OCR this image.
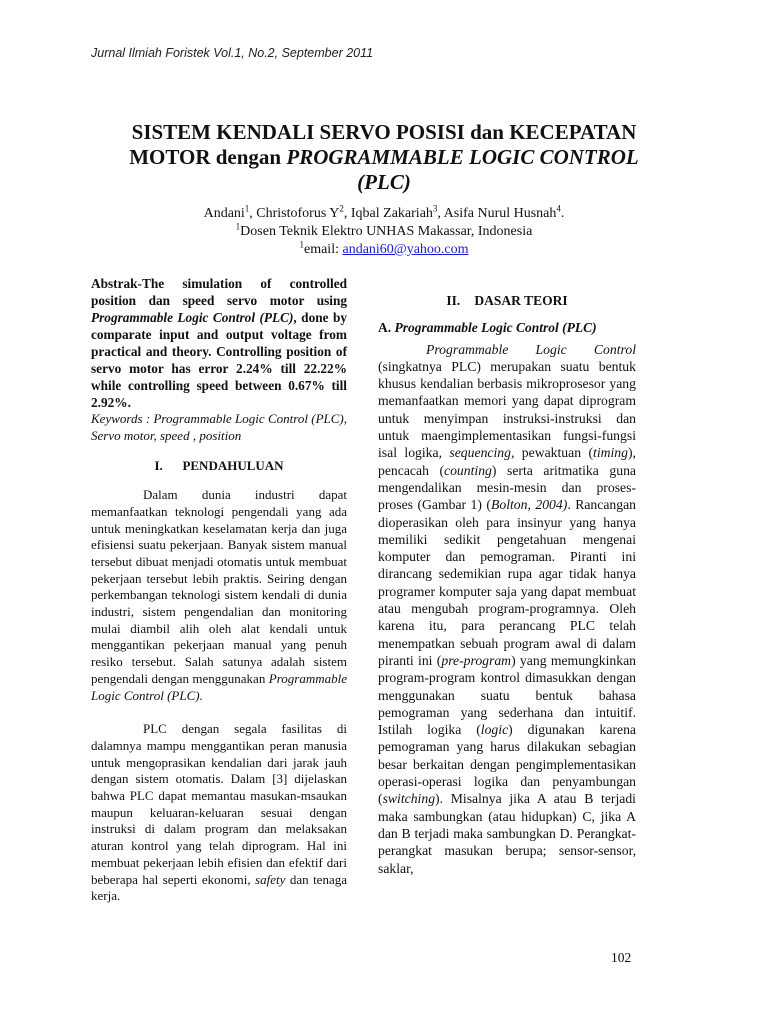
Jurnal Ilmiah Foristek Vol.1, No.2, September 2011
SISTEM KENDALI SERVO POSISI dan KECEPATAN
MOTOR dengan PROGRAMMABLE LOGIC CONTROL
(PLC)
Andani$^1$, Christoforus $Y^2$, Iqbal Zakariah$^3$, Asifa Nurul Husnah$^4$.
$^1$Dosen Teknik Elektro UNHAS Makassar, Indonesia
$^1$email: andani60@yahoo.com
Abstrak-The simulation of controlled position dan speed servo motor using Programmable Logic Control (PLC), done by comparate input and output voltage from practical and theory. Controlling position of servo motor has error 2.24% till 22.22% while controlling speed between 0.67% till 2.92%.
Keywords : Programmable Logic Control (PLC), Servo motor, speed , position
I. PENDAHULUAN

Dalam dunia industri dapat memanfaatkan teknologi pengendali yang ada untuk meningkatkan keselamatan kerja dan juga efisiensi suatu pekerjaan. Banyak sistem manual tersebut dibuat menjadi otomatis untuk membuat pekerjaan tersebut lebih praktis. Seiring dengan perkembangan teknologi sistem kendali di dunia industri, sistem pengendalian dan monitoring mulai diambil alih oleh alat kendali untuk menggantikan pekerjaan manual yang penuh resiko tersebut. Salah satunya adalah sistem pengendali dengan menggunakan Programmable Logic Control (PLC).

PLC dengan segala fasilitas di dalamnya mampu menggantikan peran manusia untuk mengoprasikan kendalian dari jarak jauh dengan sistem otomatis. Dalam [3] dijelaskan bahwa PLC dapat memantau masukan-msaukan maupun keluaran-keluaran sesuai dengan instruksi di dalam program dan melaksakan aturan kontrol yang telah diprogram. Hal ini membuat pekerjaan lebih efisien dan efektif dari beberapa hal seperti ekonomi, safety dan tenaga kerja.

II. DASAR TEORI
A. Programmable Logic Control (PLC)

Programmable Logic Control (singkatnya PLC) merupakan suatu bentuk khusus kendalian berbasis mikroprosesor yang memanfaatkan memori yang dapat diprogram untuk menyimpan instruksi-instruksi dan untuk maengimplementasikan fungsi-fungsi isal logika, sequencing, pewaktuan (timing), pencacah (counting) serta aritmatika guna mengendalikan mesin-mesin dan proses-proses (Gambar 1) (Bolton, 2004). Rancangan dioperasikan oleh para insinyur yang hanya memiliki sedikit pengetahuan mengenai komputer dan pemograman. Piranti ini dirancang sedemikian rupa agar tidak hanya programer komputer saja yang dapat membuat atau mengubah program-programnya. Oleh karena itu, para perancang PLC telah menempatkan sebuah program awal di dalam piranti ini (pre-program) yang memungkinkan program-program kontrol dimasukkan dengan menggunakan suatu bentuk bahasa pemograman yang sederhana dan intuitif. Istilah logika (logic) digunakan karena pemograman yang harus dilakukan sebagian besar berkaitan dengan pengimplementasikan operasi-operasi logika dan penyambungan (switching). Misalnya jika A atau B terjadi maka sambungkan (atau hidupkan) C, jika A dan B terjadi maka sambungkan D. Perangkat-perangkat masukan berupa; sensor-sensor, saklar,

102
